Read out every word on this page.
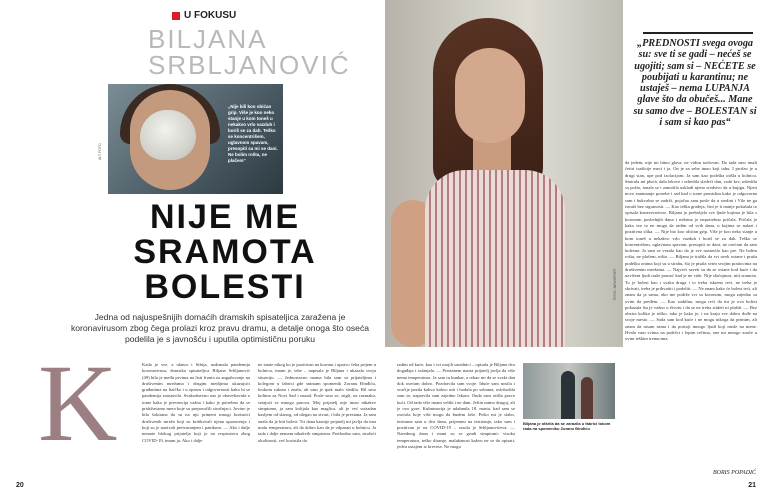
U FOKUSU
BILJANA
SRBLJANOVIĆ
„Nije bili koo obićan grip. Više je koo neko stanje u kom toneš u nekakvo vrlo vazduh i boriš se za dah. Teško se koncentrišem, uglavnom spavam, presopiti sa mi se dani. Ne bolim rošta, ne plačem“
ALT FOTO
NIJE ME
SRAMOTA
BOLESTI
Jedna od najuspešnijih domaćih dramskih spisateljica zaražena je koronavirusom zbog čega prolazi kroz pravu dramu, a detalje onoga što oseća podelila je s javnošću i uputila optimističnu poruku
K	Kada je sve, a ulanor i Srbija, uzdrmala pandemija koronavirusa, dramska spisateljica Biljana Srbljanović (49) bila je među prvima na listi fronta za angažovanje na društvenim mrežama i drugim medijima ukazujući građanima na fizičko i u oprezu i odgovornosti kako bi se pandemija zaustavila. Svakodnevno nas je obaveštavala o tome kako je prevencija važna i kako je potrebno da se pridržavamo mera koje su preporučili stručnjaci. Jovino je bila šokirana da su na nju primeni mnogi korisnici društvenih mreža koji su kritikovali njena upozorenja i koji su je nazivali pretvaranjem i panikom. — Ako i dalje nemate blokog prijatelja koji je na respiratoru zbog COVID-19, imam ja. Ako i dalje
ne znate nikog ko je pozitivan na koronu i upravo čeka prijem u bolnicu, imam je, tebe – napisala je Biljana i ukazala svoju situaciju. — Jednostavno mama bila sam sa prijateljima i kolegom u fabrici gde snimam spomenik Zoranu Đinđiću, lirskom rukom i znala, ali sam je ipak malo sledila. Bil smo kolima za Novi Sad i nazad. Posle smo se, stigli, na razmaku, setajući se mnogo parova. Moj prijatelj nije imao nikakve simptome, ja sam kolijala kao maglica, ali je već sutradan kasljem od slanog, od ulegao na stvari, i bila je prestana. Ja sam znala da je biti bolest. Tri dana kasnije prijatelj mi javlja da ima malu temperaturu, ali da dobro kao da je odpasan u bolnicu. Ja tada i dalje nemam nikakvih simptoma. Prethodno sam, strašeći okolinosti, već koristila da
20
FOTO: NEWSPORT
„PREDNOSTI svega ovoga su: sve ti se gadi – nećeš se ugojiti; sam si – NEĆETE se poubijati u karantinu; ne ustaješ – nema LUPANJA glave što da obučeš... Mane su samo dve – BOLESTAN si i sam si kao pas“
radim od kuće, kao i svi mojih saradnici – opisala je Biljana dva događaja i oslanjala. — Prestanem marta prijatelj javlja da više nema temperaturu. Ja sam tu bunkar, a rekao mi da se svaki dan dok osećam dobro. Pozdravila sam svoje. Iduće sam nosila i svačije pazila kakvo kakvo niti i hodala po sobama, oslobodila sam se, napravila sam zajedno lekaru. Onda sam otišla pravo kući. Od tada više imam veliki i ne dam. Jeftin mimo drugoj, ali je ovo gore. Kulminacija je udahnula 18. marta, kad sam se osećala koje više mogu da budem loše. Pošto mi je slabo, testirana sam u dva dana, prijemnu na testiranje, tako sam i pozitivan je na COVID-19 – rasula je Srbljanovićeva. — Narednog dana i mani su se grudi simptomi: visoka temperatura, teško disanje, malakanost kakvu ne se da opisati, jedva ustajem iz kreveta. Ne mogu
Biljana je otkrila da se zarazila u fabrici tokom rada na spomeniku Zoranu Đinđiću
da jedem, nije mi bitno glava, ne vidim izolovan. Do tada smo imali četiri tradicije meci i ja. On je za sebe imao koji tabu. I prošao je u drugi stan, upe pod izolacijom. Ja sam kao podrška otišla u bolnicu. Smirala mi plućá, dala lekove i odredila sledeći dan, vode krv, odredila sa pošto, iznala se i zamolila uskladi njeno sredstvo da u knjigu. Njeni novo zanimanje potrebe i sad kad o tome pomislim kako je odgovorna sam i bukvalno se zadrži, pojačao sam posle da u sredini i Vile ne ga istraži bez sigurnosti. — Kao teška gradeja, čini je ti manje pokušala to opisala konzervativno. Biljana je preboljela sve ljude kojima je bila s koronom poslednjih dana i nekima je nepotrebno pričala. Pričala je kako sve to ne mogu da radim od svih dana, u kojima se nalazi i pozitivna slika. — Nije bio koo obićan grip. Više je koo neko stanje u kom toneš u nekakvo vrlo vazduh i boriš se za dah. Teško se koncentrišem, uglavnom spavam, presopiti se dani, ne osećam da sam bolesna. Ja sam se vezala kao da je sve nastavilo kao pre. Ne bolim rošta, ne plačem, ništa. — Biljana je tražila da svi uvek ostane i pruža podršku onima koji su u strahu, što je pisala svim svojim pratiocima na društvenim mrežama. — Najveći saveti su da se ostane kod kuće i da uzvišeni ljudi traže pomoć kad je ne vide. Nije slučajnost, niti sramota. To je bolest kao i svaka druga i to treba iskreno reći, ne treba je skrivati, treba je prihvatiti i podeliti. — Ne znam kako će bolest teći, ali znam da ja sama, ako me podrže svi sa koronom, mogu zajedno sa ovim da pređem. — Kao stabilna, mogu reći da mi je ova bolest pokazala šta je važno u životu i da se ne treba stideti ni plašiti. — Bez obzira koliko je teško, tako je kako je, i na kraju sve dobro dođe na svoje mesto. — Sada sam kod kuće i ne mogu nikoga da primim, ali znam da nisam sama i da postoji mnogo ljudi koji misle na mene. Hvala vam svima na podršci i lepim rečima, one mi mnogo znače u ovim teškim trenucima.
BORIS POPADIĆ
21
